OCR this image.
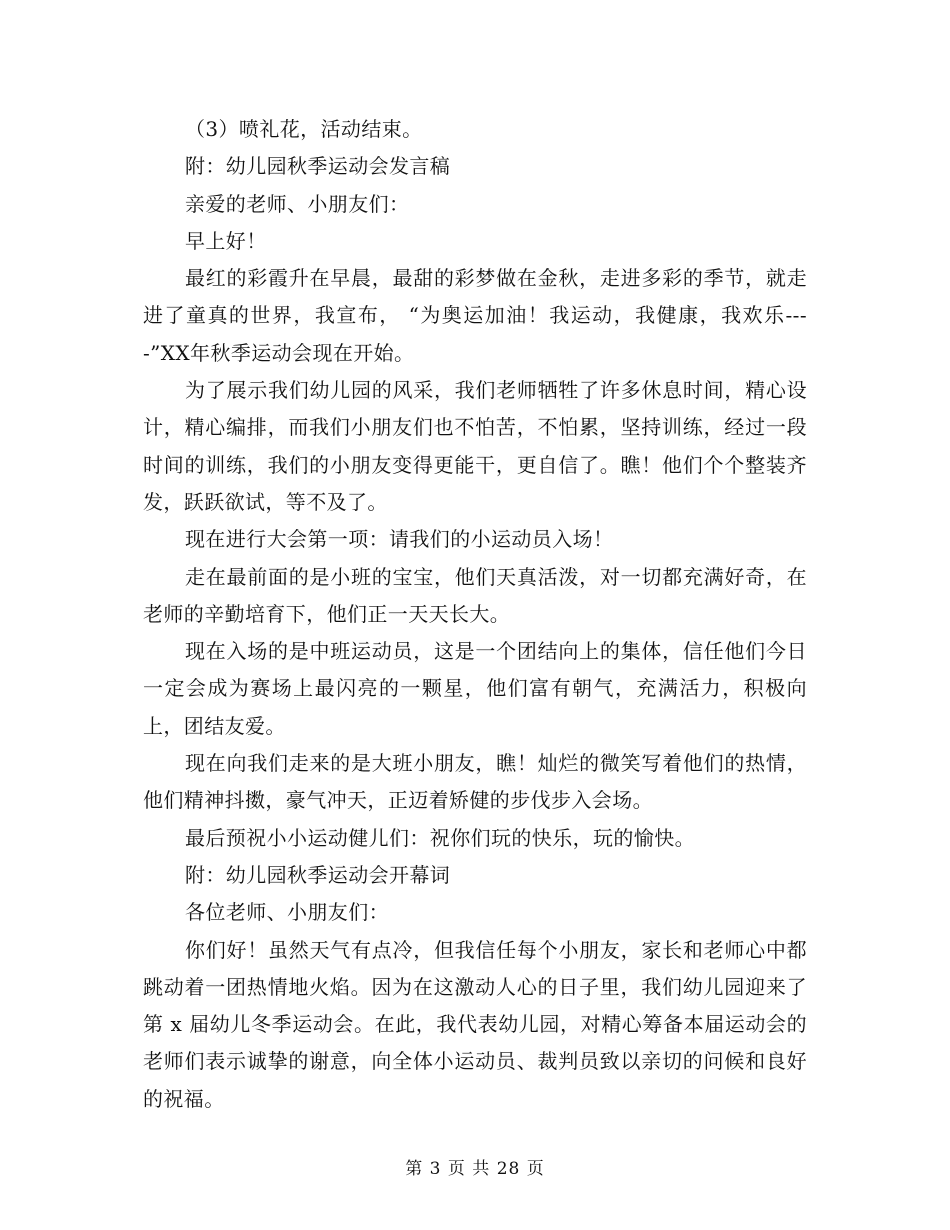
（3）喷礼花，活动结束。

附：幼儿园秋季运动会发言稿

亲爱的老师、小朋友们：

早上好！

最红的彩霞升在早晨，最甜的彩梦做在金秋，走进多彩的季节，就走进了童真的世界，我宣布， “为奥运加油！我运动，我健康，我欢乐----”XX年秋季运动会现在开始。

为了展示我们幼儿园的风采，我们老师牺牲了许多休息时间，精心设计，精心编排，而我们小朋友们也不怕苦，不怕累，坚持训练，经过一段时间的训练，我们的小朋友变得更能干，更自信了。瞧！他们个个整装齐发，跃跃欲试，等不及了。

现在进行大会第一项：请我们的小运动员入场！

走在最前面的是小班的宝宝，他们天真活泼，对一切都充满好奇，在老师的辛勤培育下，他们正一天天长大。

现在入场的是中班运动员，这是一个团结向上的集体，信任他们今日一定会成为赛场上最闪亮的一颗星，他们富有朝气，充满活力，积极向上，团结友爱。

现在向我们走来的是大班小朋友，瞧！灿烂的微笑写着他们的热情，他们精神抖擞，豪气冲天，正迈着矫健的步伐步入会场。

最后预祝小小运动健儿们：祝你们玩的快乐，玩的愉快。

附：幼儿园秋季运动会开幕词

各位老师、小朋友们：

你们好！虽然天气有点冷，但我信任每个小朋友，家长和老师心中都跳动着一团热情地火焰。因为在这激动人心的日子里，我们幼儿园迎来了第 x 届幼儿冬季运动会。在此，我代表幼儿园，对精心筹备本届运动会的老师们表示诚挚的谢意，向全体小运动员、裁判员致以亲切的问候和良好的祝福。

第 3 页 共 28 页
